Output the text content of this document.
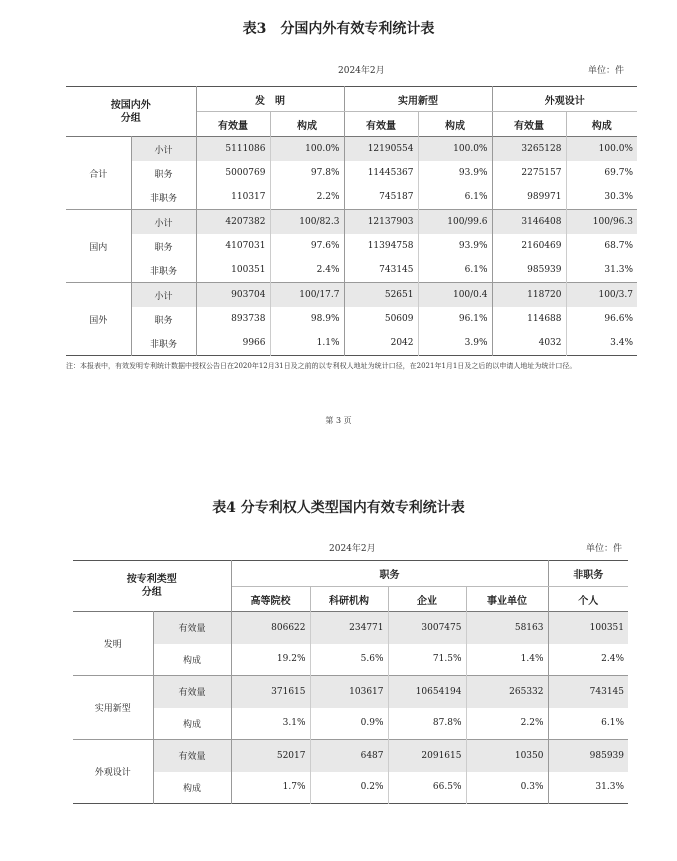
表3　分国内外有效专利统计表
2024年2月	单位：件
按国内外
分组		发　明		实用新型		外观设计	
		有效量	构成	有效量	构成	有效量	构成
合计	小计	5111086	100.0%	12190554	100.0%	3265128	100.0%
	职务	5000769	97.8%	11445367	93.9%	2275157	69.7%
	非职务	110317	2.2%	745187	6.1%	989971	30.3%
国内	小计	4207382	100/82.3	12137903	100/99.6	3146408	100/96.3
	职务	4107031	97.6%	11394758	93.9%	2160469	68.7%
	非职务	100351	2.4%	743145	6.1%	985939	31.3%
国外	小计	903704	100/17.7	52651	100/0.4	118720	100/3.7
	职务	893738	98.9%	50609	96.1%	114688	96.6%
	非职务	9966	1.1%	2042	3.9%	4032	3.4%
注：本报表中，有效发明专利统计数据中授权公告日在2020年12月31日及之前的以专利权人地址为统计口径，在2021年1月1日及之后的以申请人地址为统计口径。
第 3 页
表4 分专利权人类型国内有效专利统计表
2024年2月	单位：件
按专利类型
分组		职务				非职务
		高等院校	科研机构	企业	事业单位	个人
发明	有效量	806622	234771	3007475	58163	100351
	构成	19.2%	5.6%	71.5%	1.4%	2.4%
实用新型	有效量	371615	103617	10654194	265332	743145
	构成	3.1%	0.9%	87.8%	2.2%	6.1%
外观设计	有效量	52017	6487	2091615	10350	985939
	构成	1.7%	0.2%	66.5%	0.3%	31.3%
